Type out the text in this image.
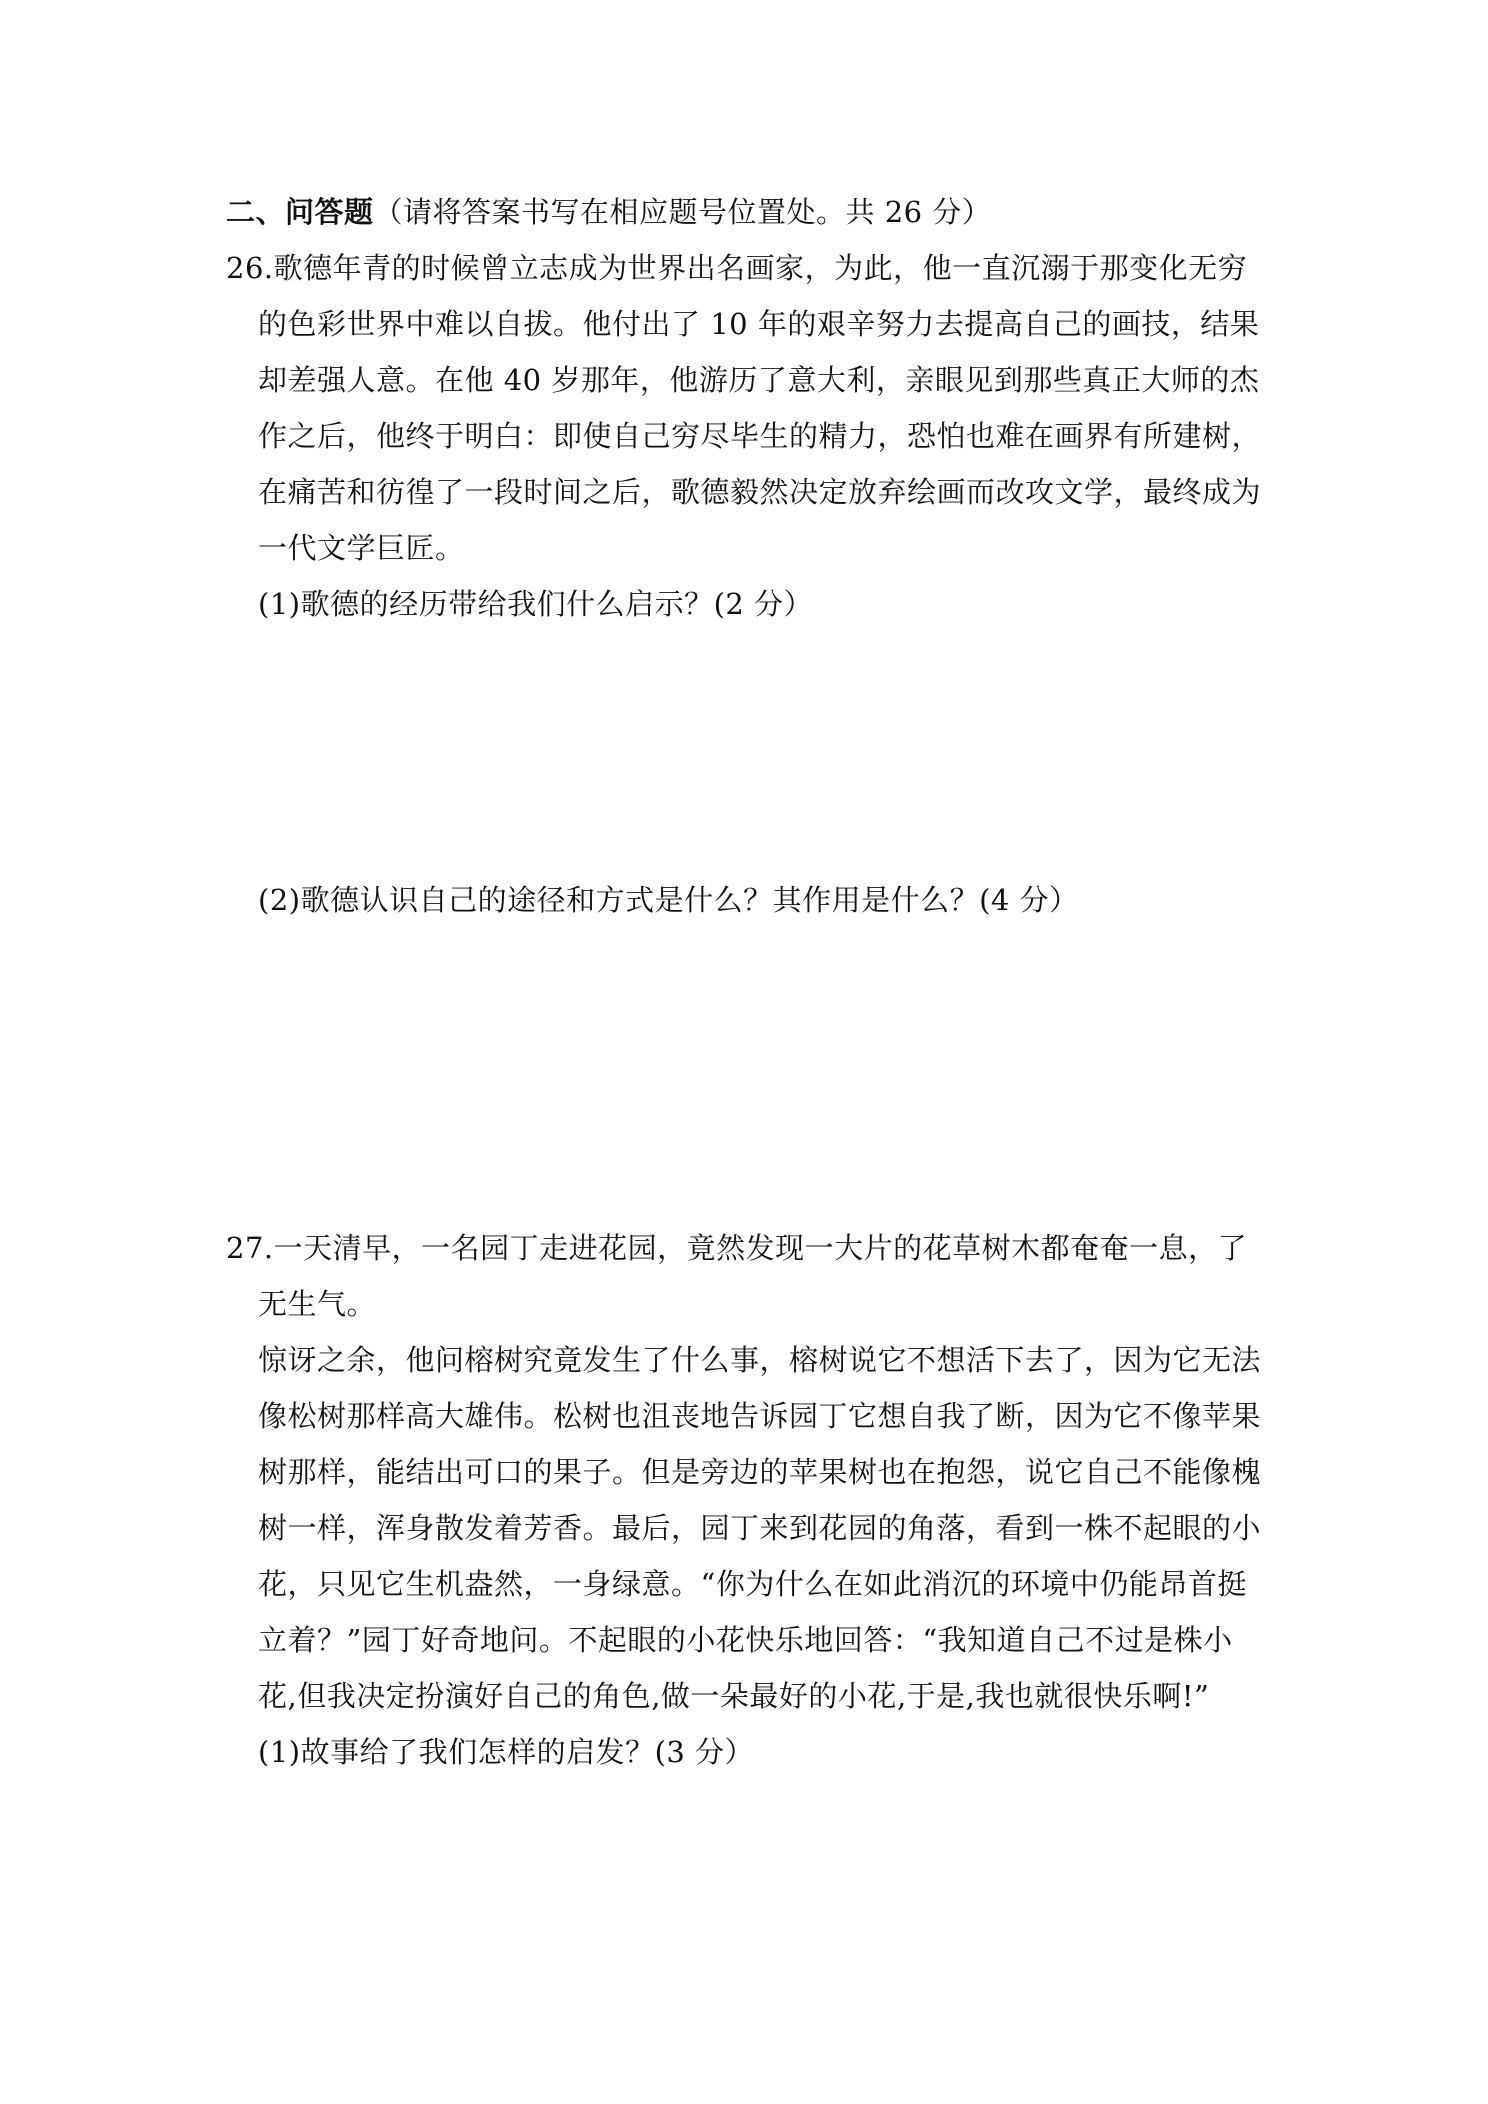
二、问答题（请将答案书写在相应题号位置处。共 26 分）
26.歌德年青的时候曾立志成为世界出名画家，为此，他一直沉溺于那变化无穷
的色彩世界中难以自拔。他付出了 10 年的艰辛努力去提高自己的画技，结果
却差强人意。在他 40 岁那年，他游历了意大利，亲眼见到那些真正大师的杰
作之后，他终于明白：即使自己穷尽毕生的精力，恐怕也难在画界有所建树，
在痛苦和彷徨了一段时间之后，歌德毅然决定放弃绘画而改攻文学，最终成为
一代文学巨匠。
(1)歌德的经历带给我们什么启示？(2 分）
(2)歌德认识自己的途径和方式是什么？其作用是什么？(4 分）
27.一天清早，一名园丁走进花园，竟然发现一大片的花草树木都奄奄一息，了
无生气。
惊讶之余，他问榕树究竟发生了什么事，榕树说它不想活下去了，因为它无法
像松树那样高大雄伟。松树也沮丧地告诉园丁它想自我了断，因为它不像苹果
树那样，能结出可口的果子。但是旁边的苹果树也在抱怨，说它自己不能像槐
树一样，浑身散发着芳香。最后，园丁来到花园的角落，看到一株不起眼的小
花，只见它生机盎然，一身绿意。“你为什么在如此消沉的环境中仍能昂首挺
立着？”园丁好奇地问。不起眼的小花快乐地回答：“我知道自己不过是株小
花,但我决定扮演好自己的角色,做一朵最好的小花,于是,我也就很快乐啊!”
(1)故事给了我们怎样的启发？(3 分）
